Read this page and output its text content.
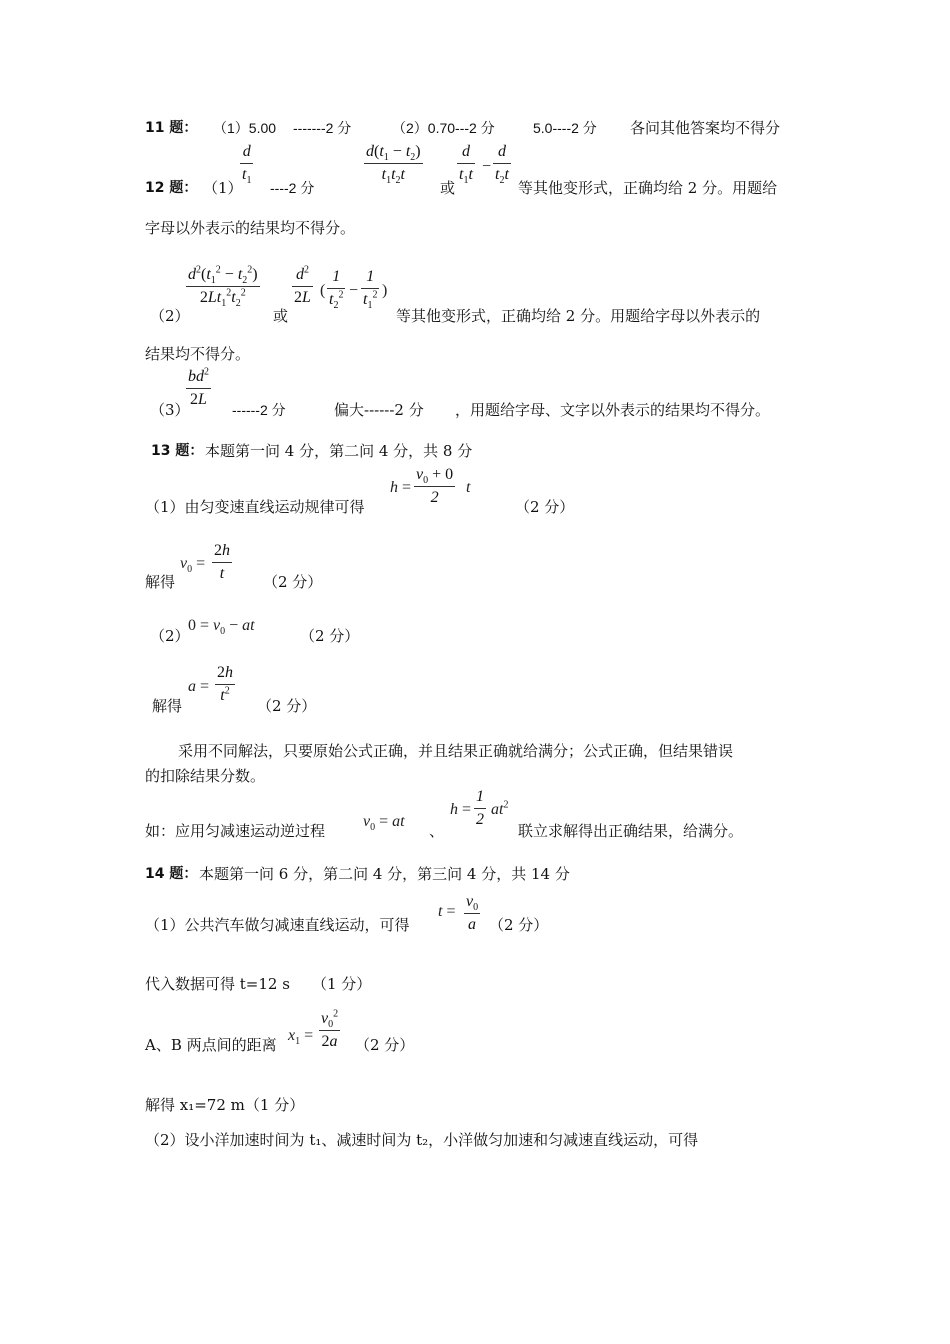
11 题： （1）5.00 -------2 分	（2）0.70---2 分	5.0----2 分 各问其他答案均不得分
12 题： （1）
d
$t_1$ ----2 分
$d(t_1 - t_2)$
$t_1t_2t$
或
d
$t_1t$ −
d
$t_2t$
等其他变形式，正确均给 2 分。用题给
字母以外表示的结果均不得分。
（2）
$d^2(t_1^2 - t_2^2)$
$2Lt_1^2t_2^2$
或
$d^2$
2L (
1
$t_2^2$ −
1
$t_1^2$ )
等其他变形式，正确均给 2 分。用题给字母以外表示的
结果均不得分。
（3）
$bd^2$
2L
------2 分	偏大------2 分 ，用题给字母、文字以外表示的结果均不得分。
13 题： 本题第一问 4 分，第二问 4 分，共 8 分
（1）由匀变速直线运动规律可得
h =
$v_0 + 0$
2
t
（2 分）
解得
$v_0$ =
2h
t	（2 分）
（2）
$0 = v_0$ − at
（2 分）
解得
a =
2h
$t^2$
（2 分）
采用不同解法，只要原始公式正确，并且结果正确就给满分；公式正确，但结果错误
的扣除结果分数。
如：应用匀减速运动逆过程
$v_0$ = at
、
h =
1
2
$at^2$
联立求解得出正确结果，给满分。
14 题： 本题第一问 6 分，第二问 4 分，第三问 4 分，共 14 分
（1）公共汽车做匀减速直线运动，可得
t =
$v_0$
a （2 分）
代入数据可得 t=12 s （1 分）
A、B 两点间的距离
$x_1$ =
$v_0^2$
2a （2 分）
解得 x₁=72 m（1 分）
（2）设小洋加速时间为 t₁、减速时间为 t₂，小洋做匀加速和匀减速直线运动，可得
